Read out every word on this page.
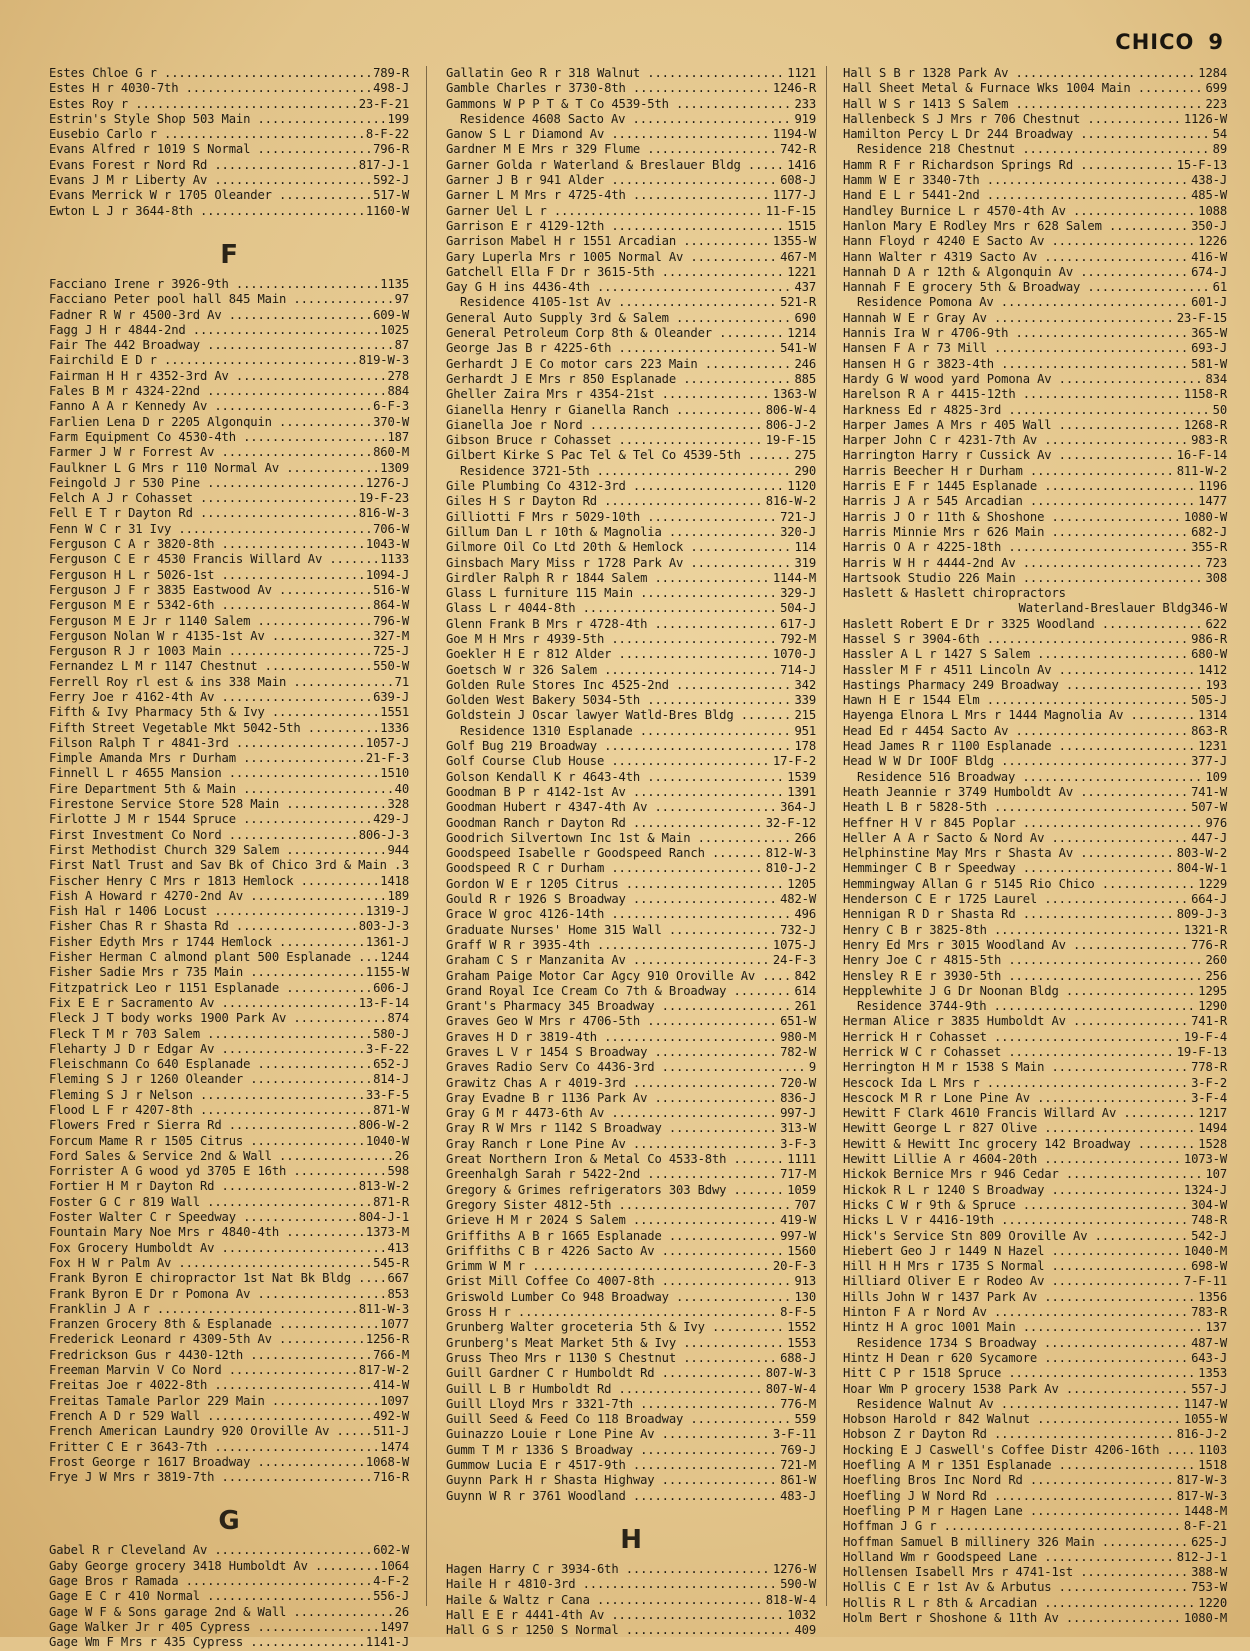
CHICO 9
Estes Chloe G r .....	789-R
Estes H r 4030-7th .....	498-J
Estes Roy r .....	23-F-21
Estrin's Style Shop 503 Main .....	199
Eusebio Carlo r .....	8-F-22
Evans Alfred r 1019 S Normal .....	796-R
Evans Forest r Nord Rd .....	817-J-1
Evans J M r Liberty Av .....	592-J
Evans Merrick W r 1705 Oleander .....	517-W
Ewton L J r 3644-8th .....	1160-W
F
Facciano Irene r 3926-9th .....	1135
Facciano Peter pool hall 845 Main .....	97
Fadner R W r 4500-3rd Av .....	609-W
Fagg J H r 4844-2nd .....	1025
Fair The 442 Broadway .....	87
Fairchild E D r .....	819-W-3
Fairman H H r 4352-3rd Av .....	278
Fales B M r 4324-22nd .....	884
Fanno A A r Kennedy Av .....	6-F-3
Farlien Lena D r 2205 Algonquin .....	370-W
Farm Equipment Co 4530-4th .....	187
Farmer J W r Forrest Av .....	860-M
Faulkner L G Mrs r 110 Normal Av .....	1309
Feingold J r 530 Pine .....	1276-J
Felch A J r Cohasset .....	19-F-23
Fell E T r Dayton Rd .....	816-W-3
Fenn W C r 31 Ivy .....	706-W
Ferguson C A r 3820-8th .....	1043-W
Ferguson C E r 4530 Francis Willard Av .....	1133
Ferguson H L r 5026-1st .....	1094-J
Ferguson J F r 3835 Eastwood Av .....	516-W
Ferguson M E r 5342-6th .....	864-W
Ferguson M E Jr r 1140 Salem .....	796-W
Ferguson Nolan W r 4135-1st Av .....	327-M
Ferguson R J r 1003 Main .....	725-J
Fernandez L M r 1147 Chestnut .....	550-W
Ferrell Roy rl est & ins 338 Main .....	71
Ferry Joe r 4162-4th Av .....	639-J
Fifth & Ivy Pharmacy 5th & Ivy .....	1551
Fifth Street Vegetable Mkt 5042-5th .....	1336
Filson Ralph T r 4841-3rd .....	1057-J
Fimple Amanda Mrs r Durham .....	21-F-3
Finnell L r 4655 Mansion .....	1510
Fire Department 5th & Main .....	40
Firestone Service Store 528 Main .....	328
Firlotte J M r 1544 Spruce .....	429-J
First Investment Co Nord .....	806-J-3
First Methodist Church 329 Salem .....	944
First Natl Trust and Sav Bk of Chico 3rd & Main .....	3
Fischer Henry C Mrs r 1813 Hemlock .....	1418
Fish A Howard r 4270-2nd Av .....	189
Fish Hal r 1406 Locust .....	1319-J
Fisher Chas R r Shasta Rd .....	803-J-3
Fisher Edyth Mrs r 1744 Hemlock .....	1361-J
Fisher Herman C almond plant 500 Esplanade .....	1244
Fisher Sadie Mrs r 735 Main .....	1155-W
Fitzpatrick Leo r 1151 Esplanade .....	606-J
Fix E E r Sacramento Av .....	13-F-14
Fleck J T body works 1900 Park Av .....	874
Fleck T M r 703 Salem .....	580-J
Fleharty J D r Edgar Av .....	3-F-22
Fleischmann Co 640 Esplanade .....	652-J
Fleming S J r 1260 Oleander .....	814-J
Fleming S J r Nelson .....	33-F-5
Flood L F r 4207-8th .....	871-W
Flowers Fred r Sierra Rd .....	806-W-2
Forcum Mame R r 1505 Citrus .....	1040-W
Ford Sales & Service 2nd & Wall .....	26
Forrister A G wood yd 3705 E 16th .....	598
Fortier H M r Dayton Rd .....	813-W-2
Foster G C r 819 Wall .....	871-R
Foster Walter C r Speedway .....	804-J-1
Fountain Mary Noe Mrs r 4840-4th .....	1373-M
Fox Grocery Humboldt Av .....	413
Fox H W r Palm Av .....	545-R
Frank Byron E chiropractor 1st Nat Bk Bldg .....	667
Frank Byron E Dr r Pomona Av .....	853
Franklin J A r .....	811-W-3
Franzen Grocery 8th & Esplanade .....	1077
Frederick Leonard r 4309-5th Av .....	1256-R
Fredrickson Gus r 4430-12th .....	766-M
Freeman Marvin V Co Nord .....	817-W-2
Freitas Joe r 4022-8th .....	414-W
Freitas Tamale Parlor 229 Main .....	1097
French A D r 529 Wall .....	492-W
French American Laundry 920 Oroville Av .....	511-J
Fritter C E r 3643-7th .....	1474
Frost George r 1617 Broadway .....	1068-W
Frye J W Mrs r 3819-7th .....	716-R
G
Gabel R r Cleveland Av .....	602-W
Gaby George grocery 3418 Humboldt Av .....	1064
Gage Bros r Ramada .....	4-F-2
Gage E C r 410 Normal .....	556-J
Gage W F & Sons garage 2nd & Wall .....	26
Gage Walker Jr r 405 Cypress .....	1497
Gage Wm F Mrs r 435 Cypress .....	1141-J
Gallatin Geo R r 318 Walnut .....	1121
Gamble Charles r 3730-8th .....	1246-R
Gammons W P P T & T Co 4539-5th .....	233
Residence 4608 Sacto Av .....	919
Ganow S L r Diamond Av .....	1194-W
Gardner M E Mrs r 329 Flume .....	742-R
Garner Golda r Waterland & Breslauer Bldg .....	1416
Garner J B r 941 Alder .....	608-J
Garner L M Mrs r 4725-4th .....	1177-J
Garner Uel L r .....	11-F-15
Garrison E r 4129-12th .....	1515
Garrison Mabel H r 1551 Arcadian .....	1355-W
Gary Luperla Mrs r 1005 Normal Av .....	467-M
Gatchell Ella F Dr r 3615-5th .....	1221
Gay G H ins 4436-4th .....	437
Residence 4105-1st Av .....	521-R
General Auto Supply 3rd & Salem .....	690
General Petroleum Corp 8th & Oleander .....	1214
George Jas B r 4225-6th .....	541-W
Gerhardt J E Co motor cars 223 Main .....	246
Gerhardt J E Mrs r 850 Esplanade .....	885
Gheller Zaira Mrs r 4354-21st .....	1363-W
Gianella Henry r Gianella Ranch .....	806-W-4
Gianella Joe r Nord .....	806-J-2
Gibson Bruce r Cohasset .....	19-F-15
Gilbert Kirke S Pac Tel & Tel Co 4539-5th .....	275
Residence 3721-5th .....	290
Gile Plumbing Co 4312-3rd .....	1120
Giles H S r Dayton Rd .....	816-W-2
Gilliotti F Mrs r 5029-10th .....	721-J
Gillum Dan L r 10th & Magnolia .....	320-J
Gilmore Oil Co Ltd 20th & Hemlock .....	114
Ginsbach Mary Miss r 1728 Park Av .....	319
Girdler Ralph R r 1844 Salem .....	1144-M
Glass L furniture 115 Main .....	329-J
Glass L r 4044-8th .....	504-J
Glenn Frank B Mrs r 4728-4th .....	617-J
Goe M H Mrs r 4939-5th .....	792-M
Goekler H E r 812 Alder .....	1070-J
Goetsch W r 326 Salem .....	714-J
Golden Rule Stores Inc 4525-2nd .....	342
Golden West Bakery 5034-5th .....	339
Goldstein J Oscar lawyer Watld-Bres Bldg .....	215
Residence 1310 Esplanade .....	951
Golf Bug 219 Broadway .....	178
Golf Course Club House .....	17-F-2
Golson Kendall K r 4643-4th .....	1539
Goodman B P r 4142-1st Av .....	1391
Goodman Hubert r 4347-4th Av .....	364-J
Goodman Ranch r Dayton Rd .....	32-F-12
Goodrich Silvertown Inc 1st & Main .....	266
Goodspeed Isabelle r Goodspeed Ranch .....	812-W-3
Goodspeed R C r Durham .....	810-J-2
Gordon W E r 1205 Citrus .....	1205
Gould R r 1926 S Broadway .....	482-W
Grace W groc 4126-14th .....	496
Graduate Nurses' Home 315 Wall .....	732-J
Graff W R r 3935-4th .....	1075-J
Graham C S r Manzanita Av .....	24-F-3
Graham Paige Motor Car Agcy 910 Oroville Av .....	842
Grand Royal Ice Cream Co 7th & Broadway .....	614
Grant's Pharmacy 345 Broadway .....	261
Graves Geo W Mrs r 4706-5th .....	651-W
Graves H D r 3819-4th .....	980-M
Graves L V r 1454 S Broadway .....	782-W
Graves Radio Serv Co 4436-3rd .....	9
Grawitz Chas A r 4019-3rd .....	720-W
Gray Evadne B r 1136 Park Av .....	836-J
Gray G M r 4473-6th Av .....	997-J
Gray R W Mrs r 1142 S Broadway .....	313-W
Gray Ranch r Lone Pine Av .....	3-F-3
Great Northern Iron & Metal Co 4533-8th .....	1111
Greenhalgh Sarah r 5422-2nd .....	717-M
Gregory & Grimes refrigerators 303 Bdwy .....	1059
Gregory Sister 4812-5th .....	707
Grieve H M r 2024 S Salem .....	419-W
Griffiths A B r 1665 Esplanade .....	997-W
Griffiths C B r 4226 Sacto Av .....	1560
Grimm W M r .....	20-F-3
Grist Mill Coffee Co 4007-8th .....	913
Griswold Lumber Co 948 Broadway .....	130
Gross H r .....	8-F-5
Grunberg Walter groceteria 5th & Ivy .....	1552
Grunberg's Meat Market 5th & Ivy .....	1553
Gruss Theo Mrs r 1130 S Chestnut .....	688-J
Guill Gardner C r Humboldt Rd .....	807-W-3
Guill L B r Humboldt Rd .....	807-W-4
Guill Lloyd Mrs r 3321-7th .....	776-M
Guill Seed & Feed Co 118 Broadway .....	559
Guinazzo Louie r Lone Pine Av .....	3-F-11
Gumm T M r 1336 S Broadway .....	769-J
Gummow Lucia E r 4517-9th .....	721-M
Guynn Park H r Shasta Highway .....	861-W
Guynn W R r 3761 Woodland .....	483-J
H
Hagen Harry C r 3934-6th .....	1276-W
Haile H r 4810-3rd .....	590-W
Haile & Waltz r Cana .....	818-W-4
Hall E E r 4441-4th Av .....	1032
Hall G S r 1250 S Normal .....	409
Hall S B r 1328 Park Av .....	1284
Hall Sheet Metal & Furnace Wks 1004 Main .....	699
Hall W S r 1413 S Salem .....	223
Hallenbeck S J Mrs r 706 Chestnut .....	1126-W
Hamilton Percy L Dr 244 Broadway .....	54
Residence 218 Chestnut .....	89
Hamm R F r Richardson Springs Rd .....	15-F-13
Hamm W E r 3340-7th .....	438-J
Hand E L r 5441-2nd .....	485-W
Handley Burnice L r 4570-4th Av .....	1088
Hanlon Mary E Rodley Mrs r 628 Salem .....	350-J
Hann Floyd r 4240 E Sacto Av .....	1226
Hann Walter r 4319 Sacto Av .....	416-W
Hannah D A r 12th & Algonquin Av .....	674-J
Hannah F E grocery 5th & Broadway .....	61
Residence Pomona Av .....	601-J
Hannah W E r Gray Av .....	23-F-15
Hannis Ira W r 4706-9th .....	365-W
Hansen F A r 73 Mill .....	693-J
Hansen H G r 3823-4th .....	581-W
Hardy G W wood yard Pomona Av .....	834
Harelson R A r 4415-12th .....	1158-R
Harkness Ed r 4825-3rd .....	50
Harper James A Mrs r 405 Wall .....	1268-R
Harper John C r 4231-7th Av .....	983-R
Harrington Harry r Cussick Av .....	16-F-14
Harris Beecher H r Durham .....	811-W-2
Harris E F r 1445 Esplanade .....	1196
Harris J A r 545 Arcadian .....	1477
Harris J O r 11th & Shoshone .....	1080-W
Harris Minnie Mrs r 626 Main .....	682-J
Harris O A r 4225-18th .....	355-R
Harris W H r 4444-2nd Av .....	723
Hartsook Studio 226 Main .....	308
Haslett & Haslett chiropractors
Waterland-Breslauer Bldg 346-W
Haslett Robert E Dr r 3325 Woodland .....	622
Hassel S r 3904-6th .....	986-R
Hassler A L r 1427 S Salem .....	680-W
Hassler M F r 4511 Lincoln Av .....	1412
Hastings Pharmacy 249 Broadway .....	193
Hawn H E r 1544 Elm .....	505-J
Hayenga Elnora L Mrs r 1444 Magnolia Av .....	1314
Head Ed r 4454 Sacto Av .....	863-R
Head James R r 1100 Esplanade .....	1231
Head W W Dr IOOF Bldg .....	377-J
Residence 516 Broadway .....	109
Heath Jeannie r 3749 Humboldt Av .....	741-W
Heath L B r 5828-5th .....	507-W
Heffner H V r 845 Poplar .....	976
Heller A A r Sacto & Nord Av .....	447-J
Helphinstine May Mrs r Shasta Av .....	803-W-2
Hemminger C B r Speedway .....	804-W-1
Hemmingway Allan G r 5145 Rio Chico .....	1229
Henderson C E r 1725 Laurel .....	664-J
Hennigan R D r Shasta Rd .....	809-J-3
Henry C B r 3825-8th .....	1321-R
Henry Ed Mrs r 3015 Woodland Av .....	776-R
Henry Joe C r 4815-5th .....	260
Hensley R E r 3930-5th .....	256
Hepplewhite J G Dr Noonan Bldg .....	1295
Residence 3744-9th .....	1290
Herman Alice r 3835 Humboldt Av .....	741-R
Herrick H r Cohasset .....	19-F-4
Herrick W C r Cohasset .....	19-F-13
Herrington H M r 1538 S Main .....	778-R
Hescock Ida L Mrs r .....	3-F-2
Hescock M R r Lone Pine Av .....	3-F-4
Hewitt F Clark 4610 Francis Willard Av .....	1217
Hewitt George L r 827 Olive .....	1494
Hewitt & Hewitt Inc grocery 142 Broadway .....	1528
Hewitt Lillie A r 4604-20th .....	1073-W
Hickok Bernice Mrs r 946 Cedar .....	107
Hickok R L r 1240 S Broadway .....	1324-J
Hicks C W r 9th & Spruce .....	304-W
Hicks L V r 4416-19th .....	748-R
Hick's Service Stn 809 Oroville Av .....	542-J
Hiebert Geo J r 1449 N Hazel .....	1040-M
Hill H H Mrs r 1735 S Normal .....	698-W
Hilliard Oliver E r Rodeo Av .....	7-F-11
Hills John W r 1437 Park Av .....	1356
Hinton F A r Nord Av .....	783-R
Hintz H A groc 1001 Main .....	137
Residence 1734 S Broadway .....	487-W
Hintz H Dean r 620 Sycamore .....	643-J
Hitt C P r 1518 Spruce .....	1353
Hoar Wm P grocery 1538 Park Av .....	557-J
Residence Walnut Av .....	1147-W
Hobson Harold r 842 Walnut .....	1055-W
Hobson Z r Dayton Rd .....	816-J-2
Hocking E J Caswell's Coffee Distr 4206-16th .....	1103
Hoefling A M r 1351 Esplanade .....	1518
Hoefling Bros Inc Nord Rd .....	817-W-3
Hoefling J W Nord Rd .....	817-W-3
Hoefling P M r Hagen Lane .....	1448-M
Hoffman J G r .....	8-F-21
Hoffman Samuel B millinery 326 Main .....	625-J
Holland Wm r Goodspeed Lane .....	812-J-1
Hollensen Isabell Mrs r 4741-1st .....	388-W
Hollis C E r 1st Av & Arbutus .....	753-W
Hollis R L r 8th & Arcadian .....	1220
Holm Bert r Shoshone & 11th Av .....	1080-M
